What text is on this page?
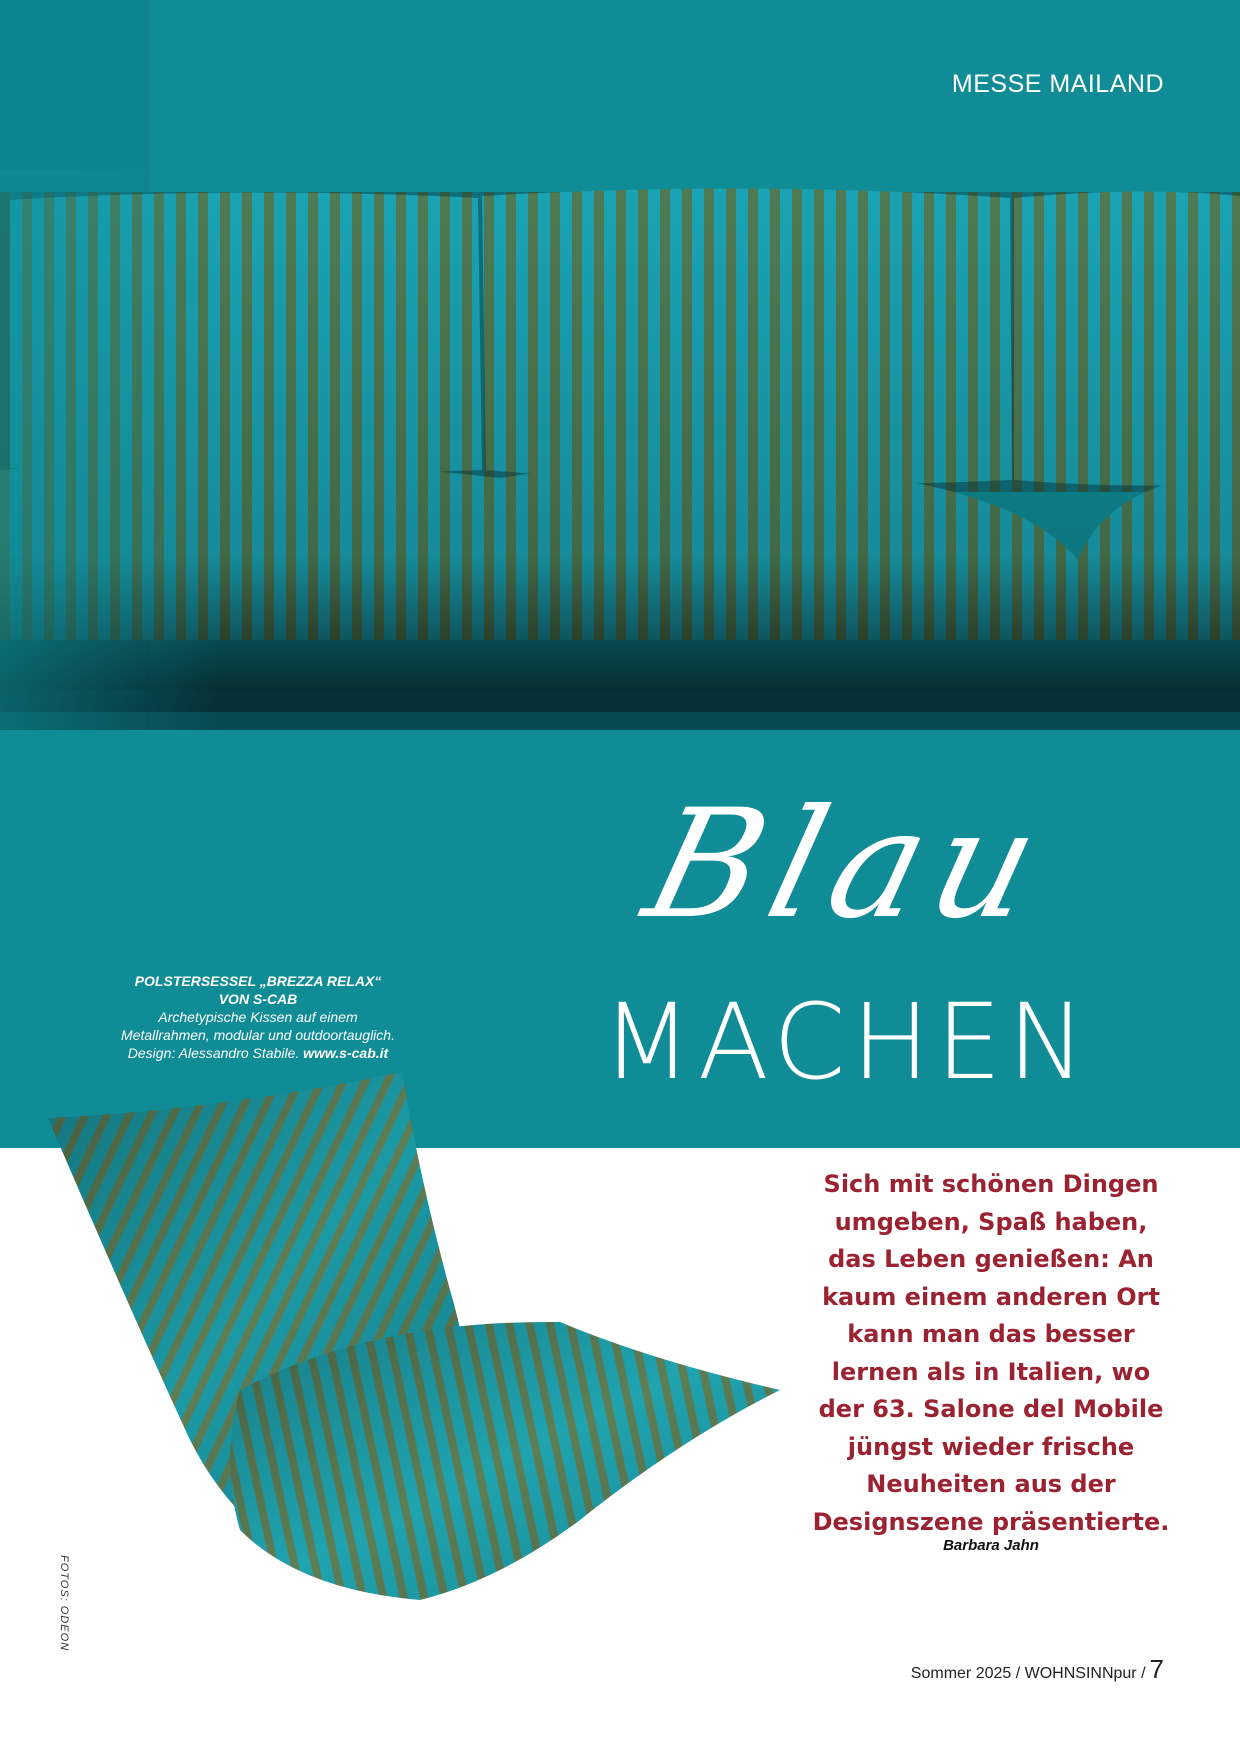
MESSE MAILAND
Blau
MACHEN
POLSTERSESSEL „BREZZA RELAX“
VON S-CAB
Archetypische Kissen auf einem
Metallrahmen, modular und outdoortauglich.
Design: Alessandro Stabile. www.s-cab.it
Sich mit schönen Dingen umgeben, Spaß haben, das Leben genießen: An kaum einem anderen Ort kann man das besser lernen als in Italien, wo der 63. Salone del Mobile jüngst wieder frische Neuheiten aus der Designszene präsentierte.
Barbara Jahn
FOTOS: ODEON
Sommer 2025 / WOHNSINNpur / 7
